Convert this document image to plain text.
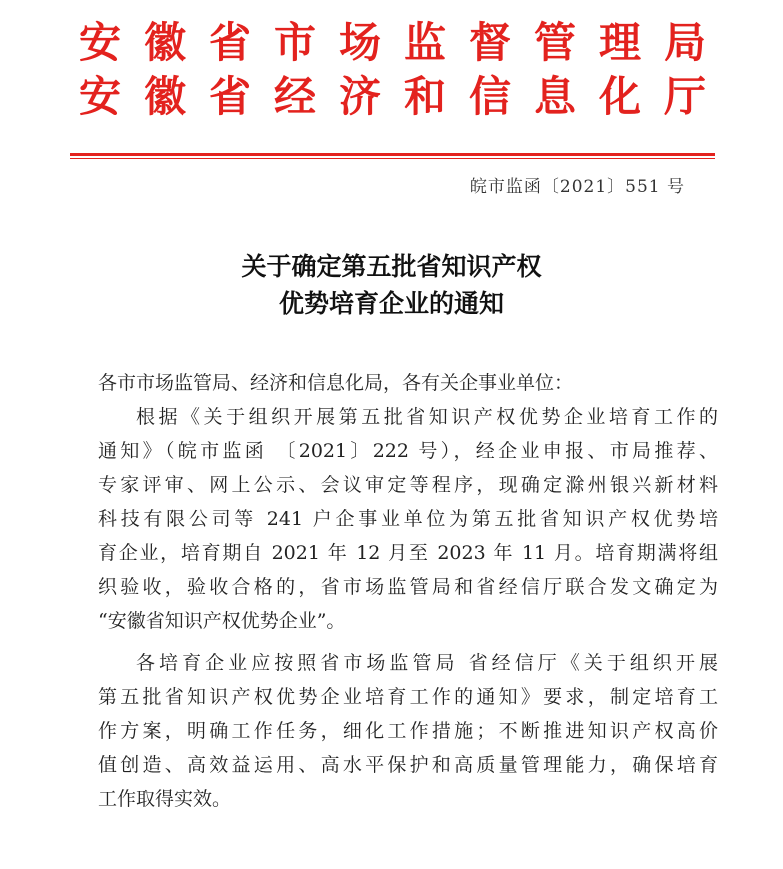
安 徽 省 市 场 监 督 管 理 局
安 徽 省 经 济 和 信 息 化 厅
皖市监函〔2021〕551 号
关于确定第五批省知识产权
优势培育企业的通知
各市市场监管局、经济和信息化局，各有关企事业单位：
根据《关于组织开展第五批省知识产权优势企业培育工作的
通知》（皖市监函 〔2021〕222 号），经企业申报、市局推荐、
专家评审、网上公示、会议审定等程序，现确定滁州银兴新材料
科技有限公司等 241 户企事业单位为第五批省知识产权优势培
育企业，培育期自 2021 年 12 月至 2023 年 11 月。培育期满将组
织验收，验收合格的，省市场监管局和省经信厅联合发文确定为
“安徽省知识产权优势企业”。
各培育企业应按照省市场监管局 省经信厅《关于组织开展
第五批省知识产权优势企业培育工作的通知》要求，制定培育工
作方案，明确工作任务，细化工作措施；不断推进知识产权高价
值创造、高效益运用、高水平保护和高质量管理能力，确保培育
工作取得实效。
